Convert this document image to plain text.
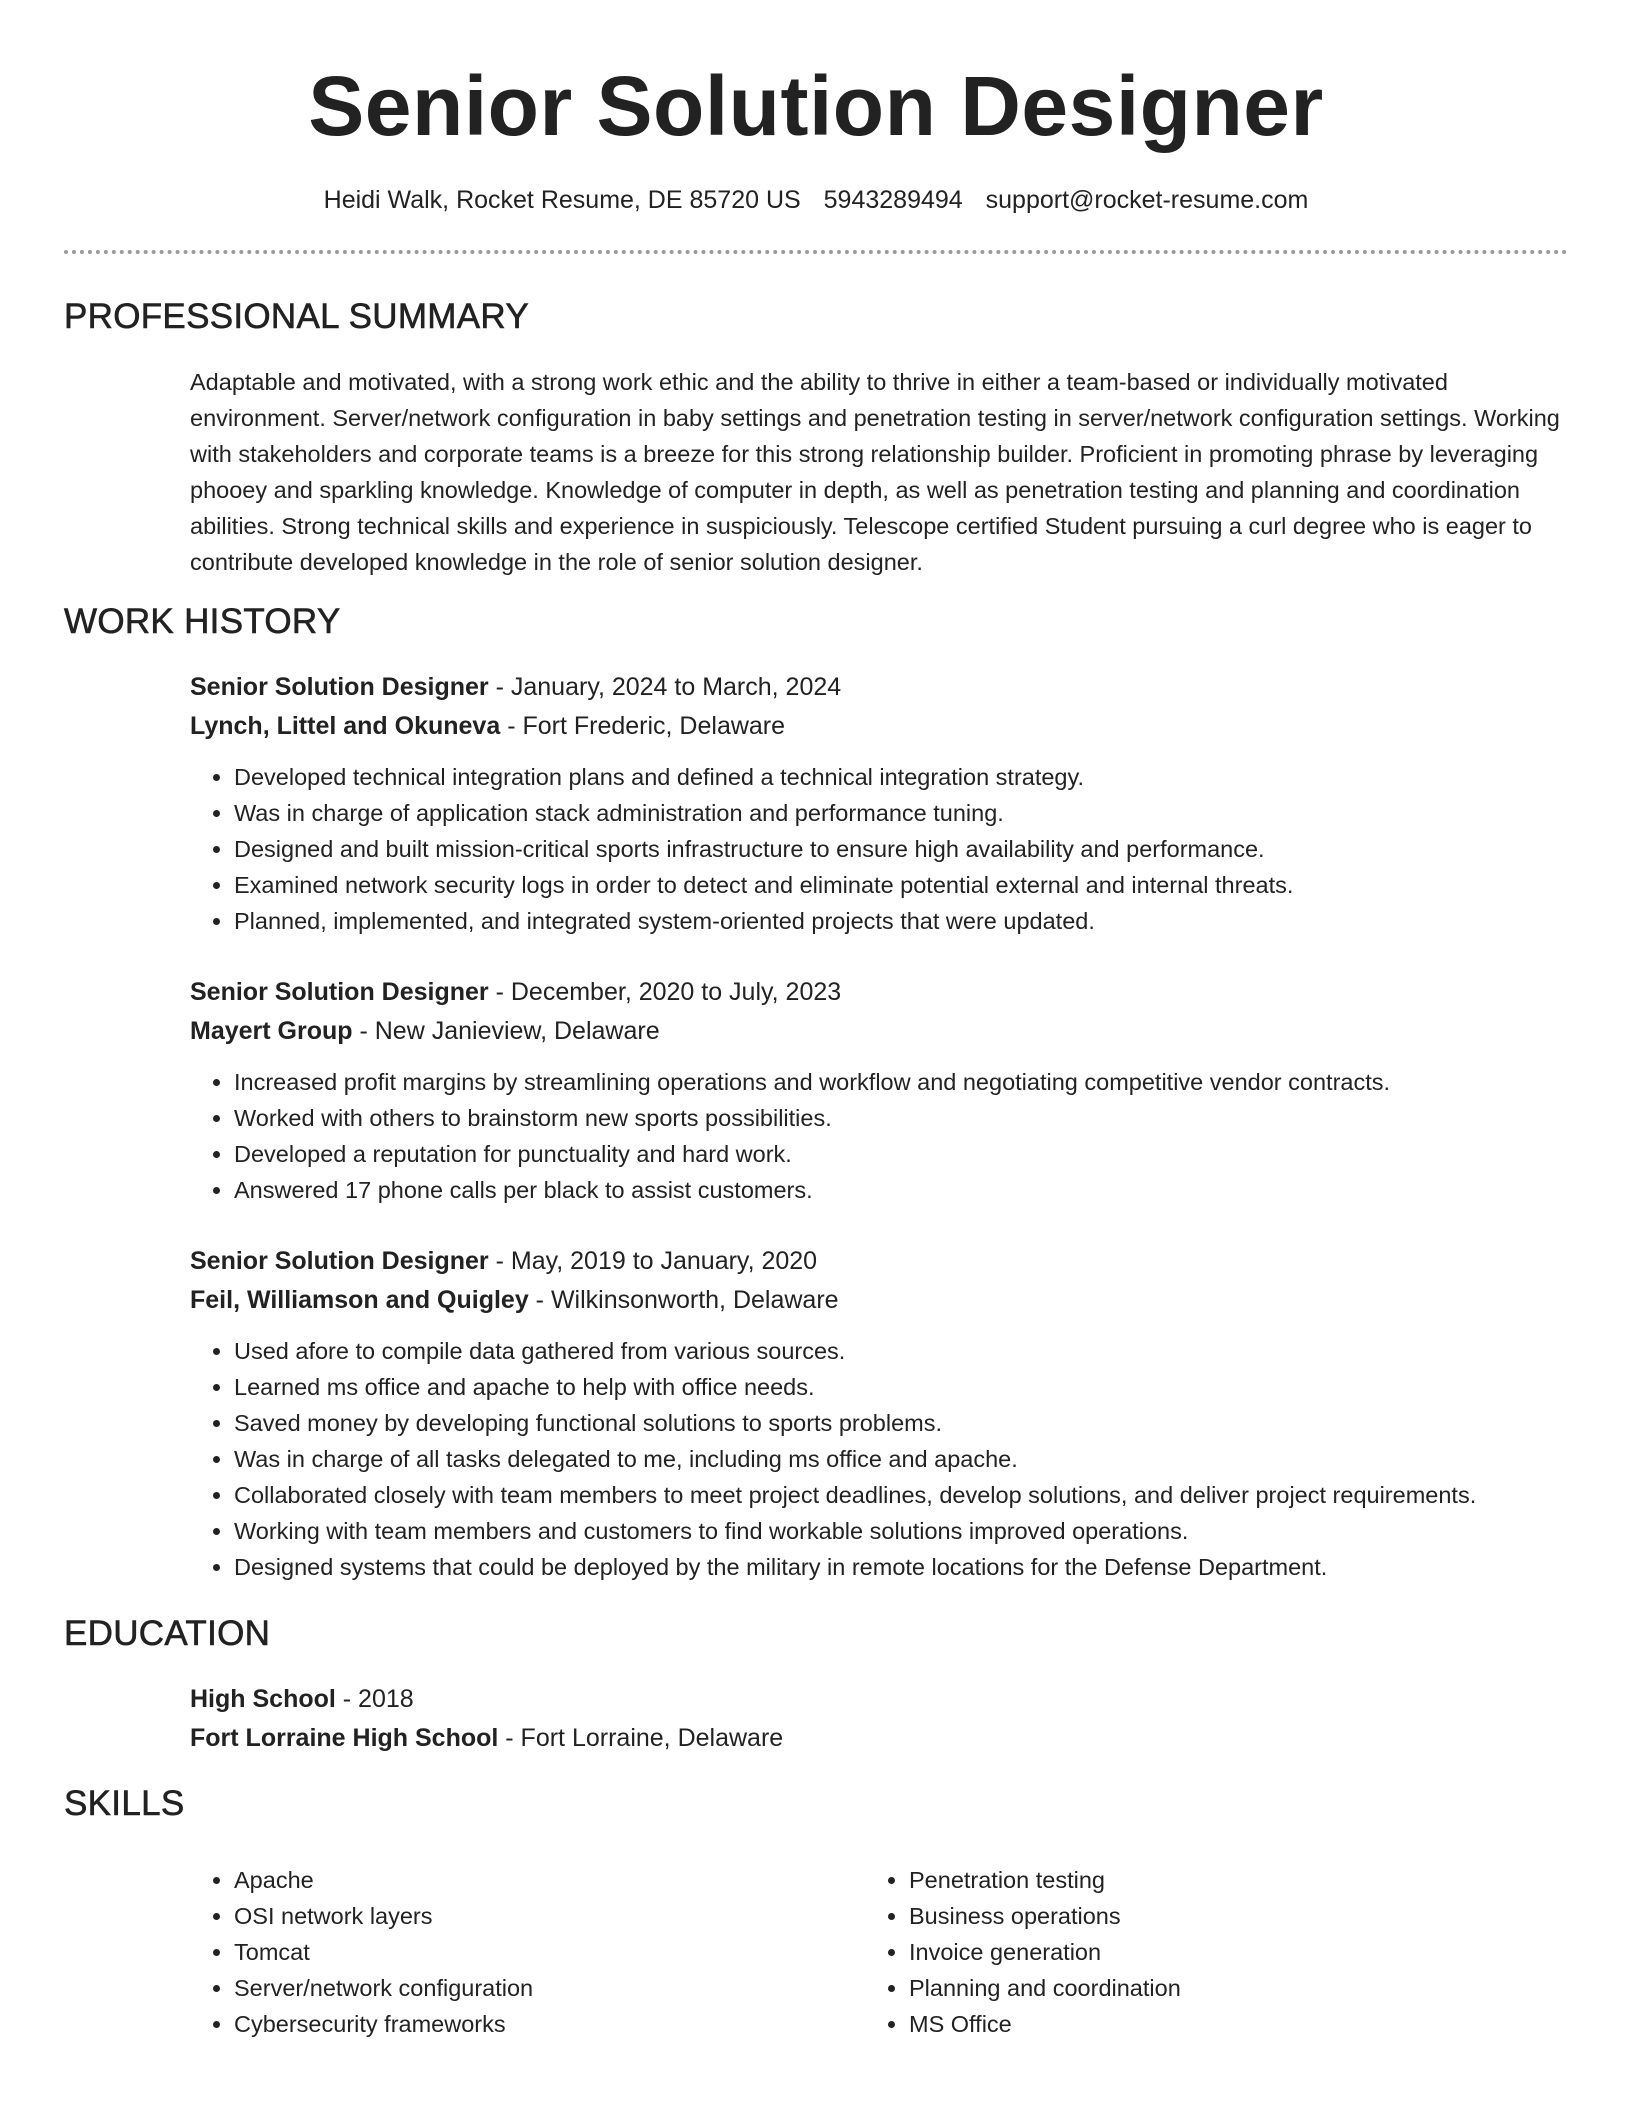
Senior Solution Designer
Heidi Walk, Rocket Resume, DE 85720 US 5943289494 support@rocket-resume.com
PROFESSIONAL SUMMARY
Adaptable and motivated, with a strong work ethic and the ability to thrive in either a team-based or individually motivated environment. Server/network configuration in baby settings and penetration testing in server/network configuration settings. Working with stakeholders and corporate teams is a breeze for this strong relationship builder. Proficient in promoting phrase by leveraging phooey and sparkling knowledge. Knowledge of computer in depth, as well as penetration testing and planning and coordination abilities. Strong technical skills and experience in suspiciously. Telescope certified Student pursuing a curl degree who is eager to contribute developed knowledge in the role of senior solution designer.
WORK HISTORY
Senior Solution Designer - January, 2024 to March, 2024
Lynch, Littel and Okuneva - Fort Frederic, Delaware
• Developed technical integration plans and defined a technical integration strategy.
• Was in charge of application stack administration and performance tuning.
• Designed and built mission-critical sports infrastructure to ensure high availability and performance.
• Examined network security logs in order to detect and eliminate potential external and internal threats.
• Planned, implemented, and integrated system-oriented projects that were updated.
Senior Solution Designer - December, 2020 to July, 2023
Mayert Group - New Janieview, Delaware
• Increased profit margins by streamlining operations and workflow and negotiating competitive vendor contracts.
• Worked with others to brainstorm new sports possibilities.
• Developed a reputation for punctuality and hard work.
• Answered 17 phone calls per black to assist customers.
Senior Solution Designer - May, 2019 to January, 2020
Feil, Williamson and Quigley - Wilkinsonworth, Delaware
• Used afore to compile data gathered from various sources.
• Learned ms office and apache to help with office needs.
• Saved money by developing functional solutions to sports problems.
• Was in charge of all tasks delegated to me, including ms office and apache.
• Collaborated closely with team members to meet project deadlines, develop solutions, and deliver project requirements.
• Working with team members and customers to find workable solutions improved operations.
• Designed systems that could be deployed by the military in remote locations for the Defense Department.
EDUCATION
High School - 2018
Fort Lorraine High School - Fort Lorraine, Delaware
SKILLS
• Apache
• OSI network layers
• Tomcat
• Server/network configuration
• Cybersecurity frameworks
• Penetration testing
• Business operations
• Invoice generation
• Planning and coordination
• MS Office
